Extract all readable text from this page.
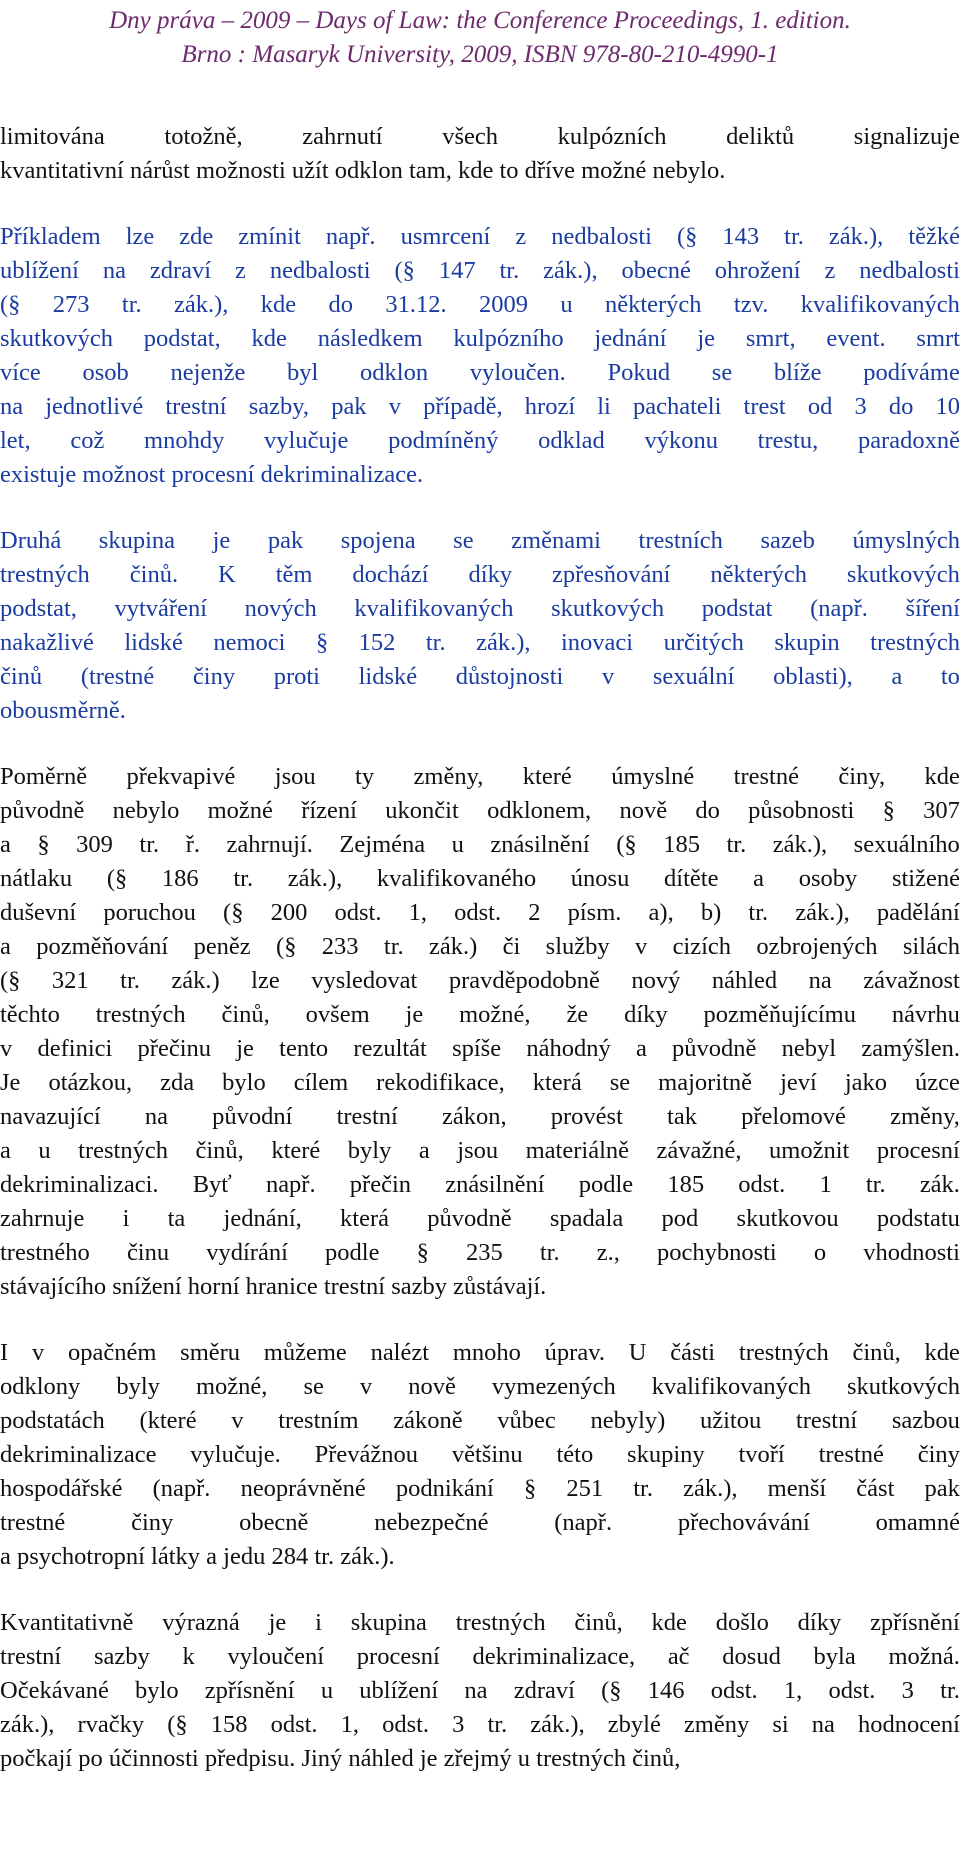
Dny práva – 2009 – Days of Law: the Conference Proceedings, 1. edition.
Brno : Masaryk University, 2009, ISBN 978-80-210-4990-1
limitována totožně, zahrnutí všech kulpózních deliktů signalizuje
kvantitativní nárůst možnosti užít odklon tam, kde to dříve možné nebylo.
Příkladem lze zde zmínit např. usmrcení z nedbalosti (§ 143 tr. zák.), těžké
ublížení na zdraví z nedbalosti (§ 147 tr. zák.), obecné ohrožení z nedbalosti
(§ 273 tr. zák.), kde do 31.12. 2009 u některých tzv. kvalifikovaných
skutkových podstat, kde následkem kulpózního jednání je smrt, event. smrt
více osob nejenže byl odklon vyloučen. Pokud se blíže podíváme
na jednotlivé trestní sazby, pak v případě, hrozí li pachateli trest od 3 do 10
let, což mnohdy vylučuje podmíněný odklad výkonu trestu, paradoxně
existuje možnost procesní dekriminalizace.
Druhá skupina je pak spojena se změnami trestních sazeb úmyslných
trestných činů. K těm dochází díky zpřesňování některých skutkových
podstat, vytváření nových kvalifikovaných skutkových podstat (např. šíření
nakažlivé lidské nemoci § 152 tr. zák.), inovaci určitých skupin trestných
činů (trestné činy proti lidské důstojnosti v sexuální oblasti), a to
obousměrně.
Poměrně překvapivé jsou ty změny, které úmyslné trestné činy, kde
původně nebylo možné řízení ukončit odklonem, nově do působnosti § 307
a § 309 tr. ř. zahrnují. Zejména u znásilnění (§ 185 tr. zák.), sexuálního
nátlaku (§ 186 tr. zák.), kvalifikovaného únosu dítěte a osoby stižené
duševní poruchou (§ 200 odst. 1, odst. 2 písm. a), b) tr. zák.), padělání
a pozměňování peněz (§ 233 tr. zák.) či služby v cizích ozbrojených silách
(§ 321 tr. zák.) lze vysledovat pravděpodobně nový náhled na závažnost
těchto trestných činů, ovšem je možné, že díky pozměňujícímu návrhu
v definici přečinu je tento rezultát spíše náhodný a původně nebyl zamýšlen.
Je otázkou, zda bylo cílem rekodifikace, která se majoritně jeví jako úzce
navazující na původní trestní zákon, provést tak přelomové změny,
a u trestných činů, které byly a jsou materiálně závažné, umožnit procesní
dekriminalizaci. Byť např. přečin znásilnění podle 185 odst. 1 tr. zák.
zahrnuje i ta jednání, která původně spadala pod skutkovou podstatu
trestného činu vydírání podle § 235 tr. z., pochybnosti o vhodnosti
stávajícího snížení horní hranice trestní sazby zůstávají.
I v opačném směru můžeme nalézt mnoho úprav. U části trestných činů, kde
odklony byly možné, se v nově vymezených kvalifikovaných skutkových
podstatách (které v trestním zákoně vůbec nebyly) užitou trestní sazbou
dekriminalizace vylučuje. Převážnou většinu této skupiny tvoří trestné činy
hospodářské (např. neoprávněné podnikání § 251 tr. zák.), menší část pak
trestné	činy	obecně	nebezpečné	(např.	přechovávání	omamné
a psychotropní látky a jedu 284 tr. zák.).
Kvantitativně výrazná je i skupina trestných činů, kde došlo díky zpřísnění
trestní sazby k vyloučení procesní dekriminalizace, ač dosud byla možná.
Očekávané bylo zpřísnění u ublížení na zdraví (§ 146 odst. 1, odst. 3 tr.
zák.), rvačky (§ 158 odst. 1, odst. 3 tr. zák.), zbylé změny si na hodnocení
počkají po účinnosti předpisu. Jiný náhled je zřejmý u trestných činů,
